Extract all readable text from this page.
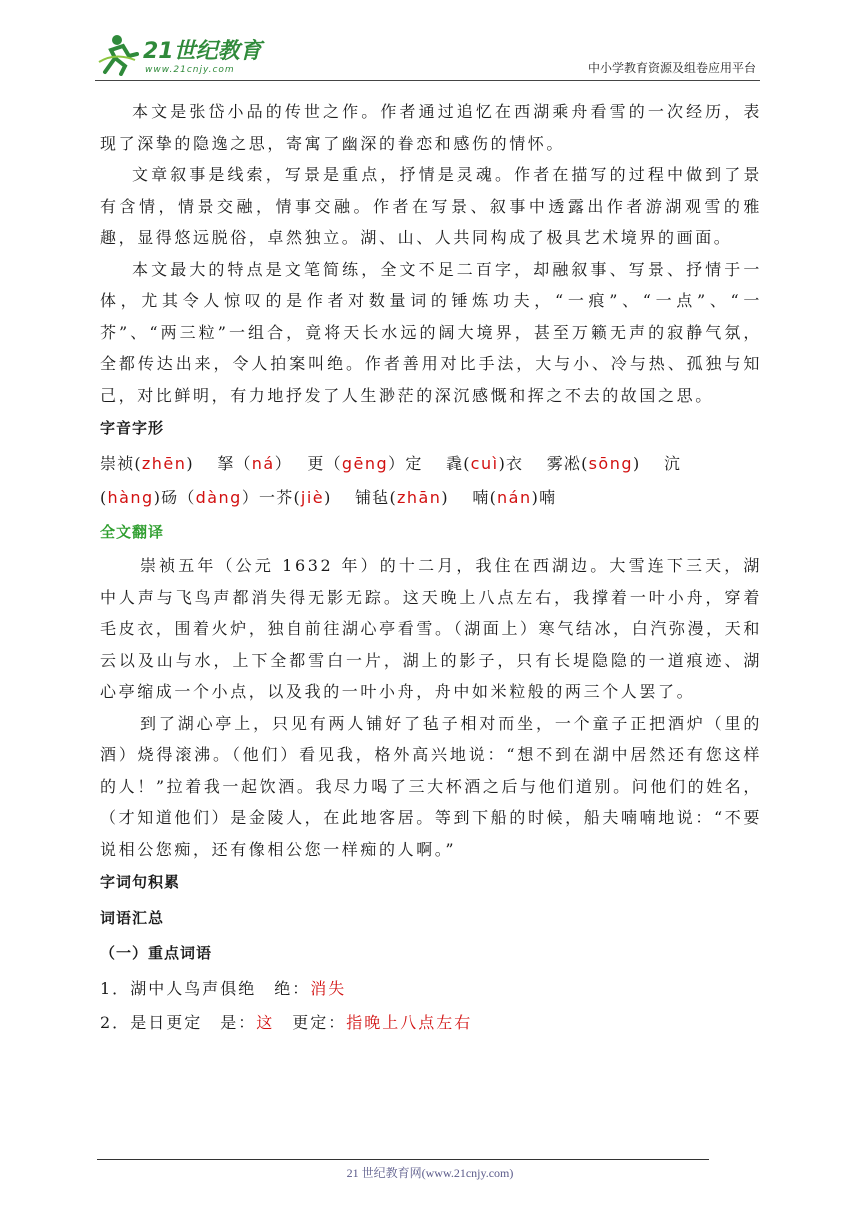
21世纪教育
www.21cnjy.com	中小学教育资源及组卷应用平台

本文是张岱小品的传世之作。作者通过追忆在西湖乘舟看雪的一次经历，表现了深挚的隐逸之思，寄寓了幽深的眷恋和感伤的情怀。

文章叙事是线索，写景是重点，抒情是灵魂。作者在描写的过程中做到了景有含情，情景交融，情事交融。作者在写景、叙事中透露出作者游湖观雪的雅趣，显得悠远脱俗，卓然独立。湖、山、人共同构成了极具艺术境界的画面。

本文最大的特点是文笔简练，全文不足二百字，却融叙事、写景、抒情于一体，尤其令人惊叹的是作者对数量词的锤炼功夫，“一痕”、“一点”、“一芥”、“两三粒”一组合，竟将天长水远的阔大境界，甚至万籁无声的寂静气氛，全都传达出来，令人拍案叫绝。作者善用对比手法，大与小、冷与热、孤独与知己，对比鲜明，有力地抒发了人生渺茫的深沉感慨和挥之不去的故国之思。

字音字形

崇祯(zhēn)  拏（ná）  更（gēng）定  毳(cuì)衣  雾凇(sōng)  沆
(hàng)砀（dàng）一芥(jiè)  铺毡(zhān)  喃(nán)喃

全文翻译

崇祯五年（公元 1632 年）的十二月，我住在西湖边。大雪连下三天，湖中人声与飞鸟声都消失得无影无踪。这天晚上八点左右，我撑着一叶小舟，穿着毛皮衣，围着火炉，独自前往湖心亭看雪。（湖面上）寒气结冰，白汽弥漫，天和云以及山与水，上下全都雪白一片，湖上的影子，只有长堤隐隐的一道痕迹、湖心亭缩成一个小点，以及我的一叶小舟，舟中如米粒般的两三个人罢了。

到了湖心亭上，只见有两人铺好了毡子相对而坐，一个童子正把酒炉（里的酒）烧得滚沸。（他们）看见我，格外高兴地说：“想不到在湖中居然还有您这样的人！”拉着我一起饮酒。我尽力喝了三大杯酒之后与他们道别。问他们的姓名，（才知道他们）是金陵人，在此地客居。等到下船的时候，船夫喃喃地说：“不要说相公您痴，还有像相公您一样痴的人啊。”

字词句积累
词语汇总
（一）重点词语
1．湖中人鸟声俱绝  绝：消失
2．是日更定  是：这  更定：指晚上八点左右
21 世纪教育网(www.21cnjy.com)
